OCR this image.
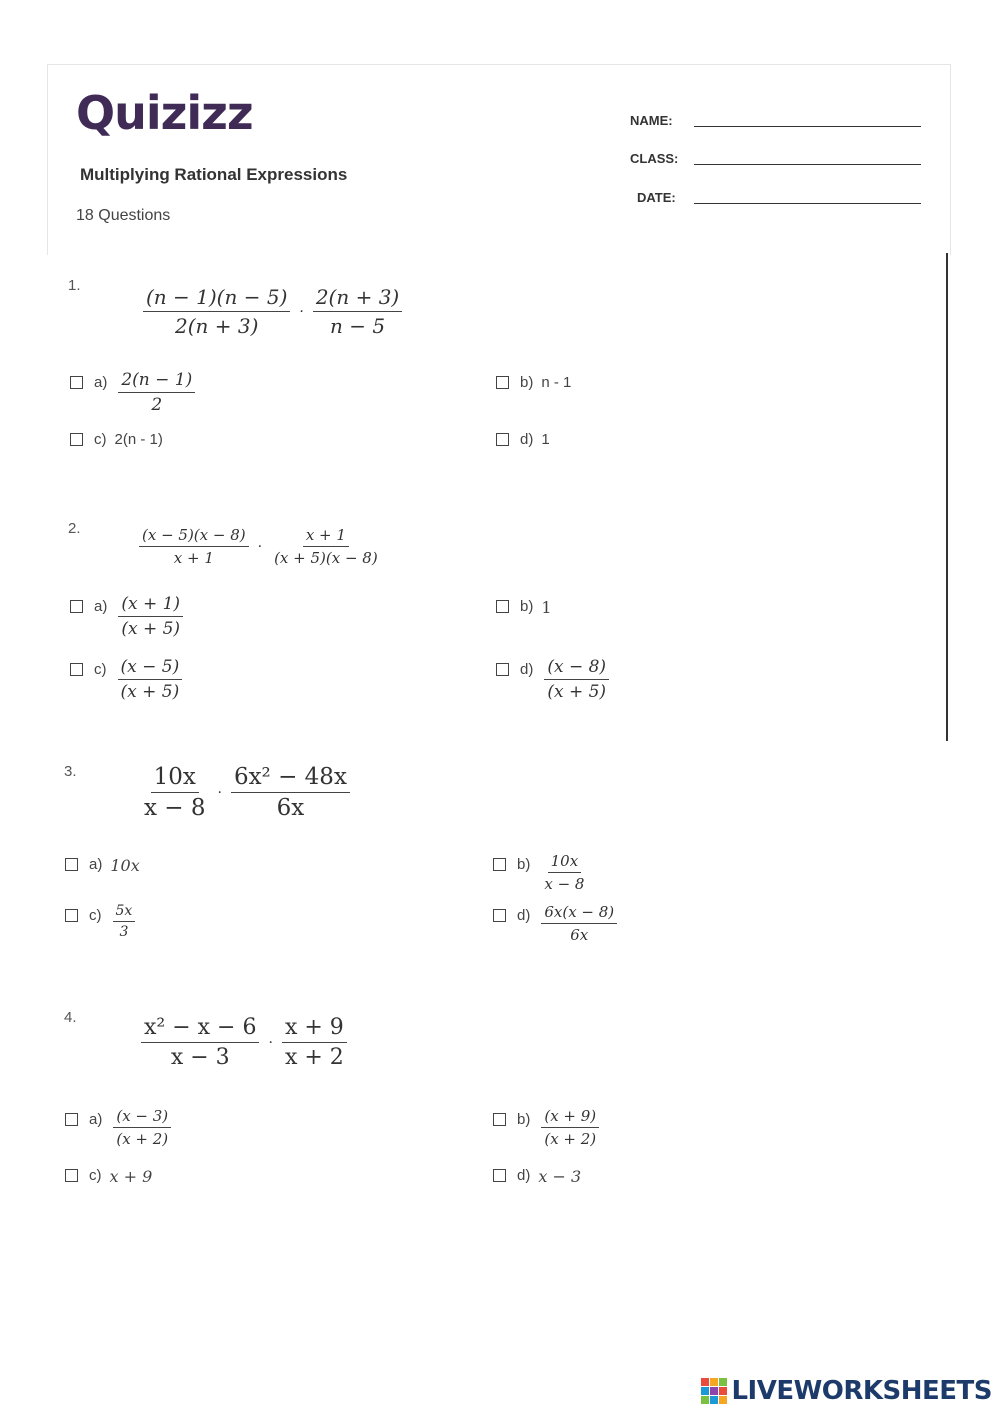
Quizizz
Multiplying Rational Expressions
18 Questions
NAME:
CLASS:
DATE:
1.	$\frac{(n - 1)(n - 5)}{2(n + 3)} \cdot \frac{2(n + 3)}{n - 5}$
$a) \frac{2(n - 1)}{2}$	b) n - 1
c) 2(n - 1)	d) 1
2.	$\frac{(x - 5)(x - 8)}{x + 1} \cdot \frac{x + 1}{(x + 5)(x - 8)}$
$a) \frac{(x + 1)}{(x + 5)}$	b) 1
$c) \frac{(x - 5)}{(x + 5)}$	$d) \frac{(x - 8)}{(x + 5)}$
3.	$\frac{10x}{x - 8} \cdot \frac{\text{6x² − 48x}}{6x}$
a) 10x	$b) \frac{10x}{x - 8}$
$c) \frac{5x}{3}$	$d) \frac{6x(x - 8)}{6x}$
4.	$\frac{\text{x² − x − 6}}{x - 3} \cdot \frac{x + 9}{x + 2}$
$a) \frac{(x - 3)}{(x + 2)}$	$b) \frac{(x + 9)}{(x + 2)}$
c) x + 9	d) x − 3
LIVEWORKSHEETS
